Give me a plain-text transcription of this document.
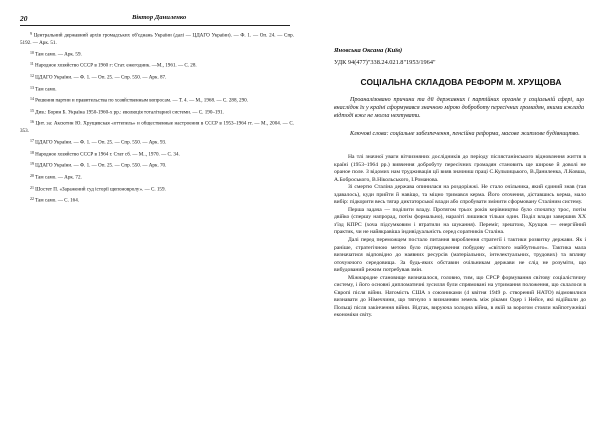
20	Віктор Даниленко
$^9$ Центральний державний архів громадських об'єднань України (далі — ЦДАГО України). — Ф. 1. — Оп. 24. — Спр. 5192. — Арк. 51.
$^{10}$ Там само. — Арк. 59.
$^{11}$ Народное хозяйство СССР в 1960 г: Стат. ежегодник. —М., 1961. — С. 28.
$^{12}$ ЦДАГО України. — Ф. 1. — Оп. 25. — Спр. 550. — Арк. 87.
$^{13}$ Там само.
$^{14}$ Решения партии и правительства по хозяйственным вопросам. — Т. 4. — М., 1968. — С. 288, 290.
$^{15}$ Див.: Борин Б. Україна 1950-1960-х рр.: еволюція тоталітарної системи. — С. 190–191.
$^{16}$ Цит. за: Аксютин Ю. Хрущевская «оттепель» и общественные настроения в СССР в 1953–1964 гг. — М., 2004. — С. 353.
$^{17}$ ЦДАГО України. — Ф. 1. — Оп. 25. — Спр. 550. — Арк. 93.
$^{18}$ Народное хозяйство СССР в 1964 г. Стат сб. — М.., 1970. — С. 34.
$^{19}$ ЦДАГО України. — Ф. 1. — Оп. 25. — Спр. 550. — Арк. 70.
$^{20}$ Там само. — Арк. 72.
$^{21}$ Шостет П. «Заражений суд історії щепоновролу». — С. 159.
$^{22}$ Там само. — С. 164.
Яновська Оксана (Київ)
УДК 94(477)"338.24.021.8"1953/1964"
СОЦІАЛЬНА СКЛАДОВА РЕФОРМ М. ХРУЩОВА

Проаналізовано причини та дії державних і партійних органів у соціальній сфері, що внаслідок їх у країні сформувався значною мірою доброботу пересічних громадян, якими вжлада відтоді вже не могла нехтувати.

Ключові слова: соціальне забезпечення, пенсійна реформа, масове житлове будівництво.

На тлі значної уваги вітчизняних дослідників до періоду післястанінського відновлення життя в країні (1953–1964 рр.) вивчення добробуту пересічних громадян становить ще широке й доволі не ораное поле. З відомих нам трудживація ції вияв значниш праці С.Кульчицького, В.Даниленка, Л.Ковша, А.Боброського, В.Нікольського, І.Романова.

Зі смертю Сталіна держава опинилася на роздоріжжі. Не стало очільника, який єдиний знав (тая здавалось), куди прийти й навіщо, та міцно тримався керма. Його оточення, діставшись керма, мало вибір: підкорити весь тягар диктаторської влади або спробувати змінити сформовану Сталіним систему.

Перша задача — поділити владу. Протягом трьох років керівництво було спочатку трос, потім двійко (спершу напрорад, потім формально), наразіті лишився тільки один. Поділ влади завершив ХХ з'їзд КПРС (хоча підсумковим і втратили на шукання). Переміг, зрештою, Хрущов — енергійний практик, чи не найякравіша індивідуальність серед соратників Сталіна.

Далі перед переможцем постало питання вироблення стратегії і тактики розвитку держави. Як і раніше, стратегічною метою було підтвердження побудову «світлого майбутнього». Тактика мала визначатися відповідно до наявних ресурсів (матеріальних, інтелектуальних, трудових) та впливу оточуючого середовища. За будь-яких обставин очільникам держави не слід не розуміти, що вибудований режим потребував змін.

Міжнародне становище визначалося, головно, тим, що СРСР формування світову соціалістичну систему, і його основні дипломатичні зусилля були спрямовані на утримання положення, що склалося в Європі після війни. Натомість США з союзниками (4 квітня 1949 р. створений НАТО) відмовилися визнавати до Німеччини, що тягнуло з визнанням земель між ріками Одер і Нейсе, які відійшли до Польщі після закінчення війни. Відтак, вируюча холодна війна, в якій за ворогом стояли найпотужніші економіки світу.
